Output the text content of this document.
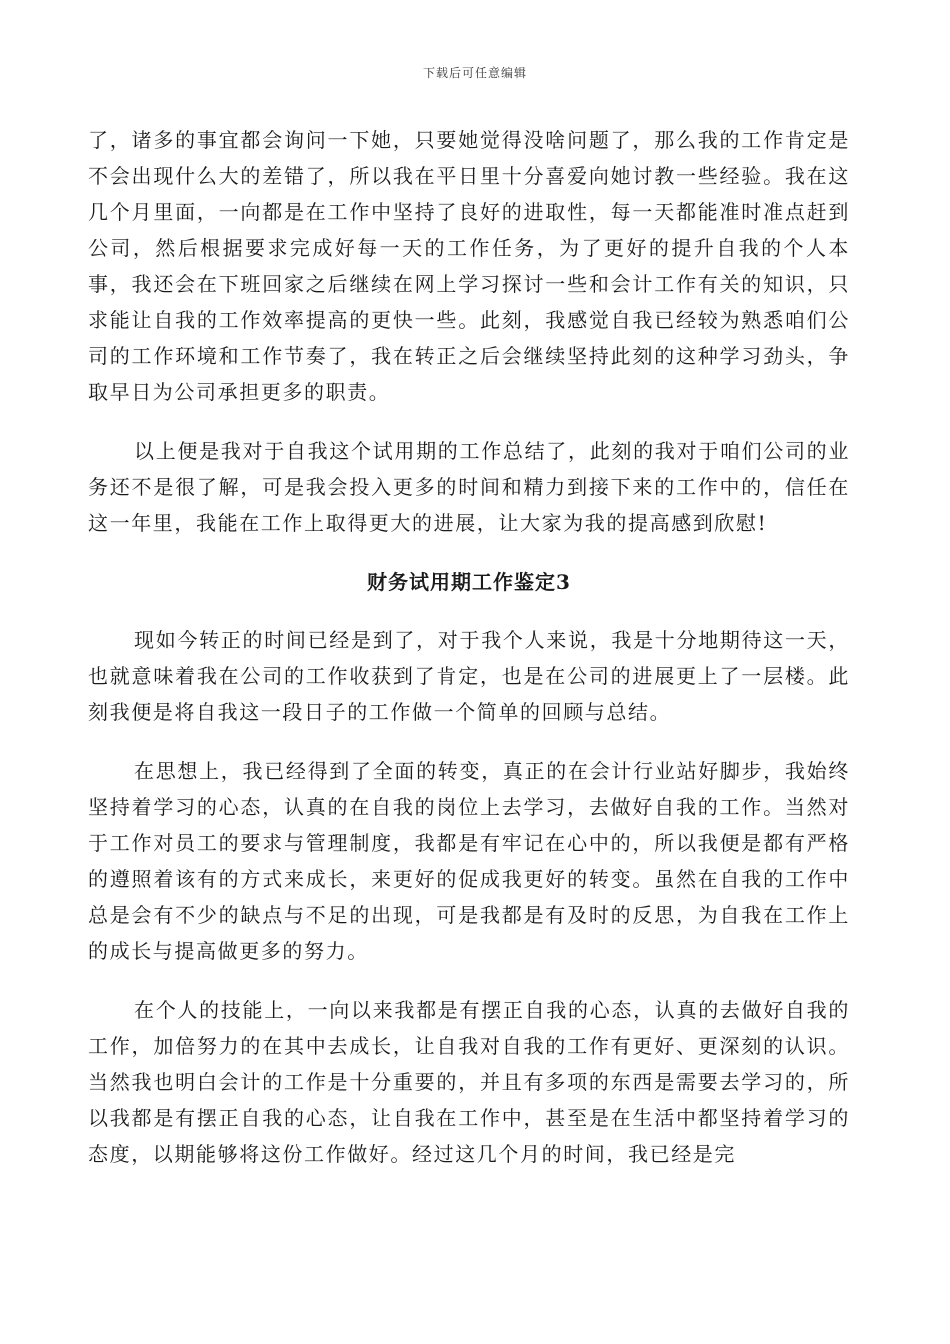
下载后可任意编辑

了，诸多的事宜都会询问一下她，只要她觉得没啥问题了，那么我的工作肯定是不会出现什么大的差错了，所以我在平日里十分喜爱向她讨教一些经验。我在这几个月里面，一向都是在工作中坚持了良好的进取性，每一天都能准时准点赶到公司，然后根据要求完成好每一天的工作任务，为了更好的提升自我的个人本事，我还会在下班回家之后继续在网上学习探讨一些和会计工作有关的知识，只求能让自我的工作效率提高的更快一些。此刻，我感觉自我已经较为熟悉咱们公司的工作环境和工作节奏了，我在转正之后会继续坚持此刻的这种学习劲头，争取早日为公司承担更多的职责。

以上便是我对于自我这个试用期的工作总结了，此刻的我对于咱们公司的业务还不是很了解，可是我会投入更多的时间和精力到接下来的工作中的，信任在这一年里，我能在工作上取得更大的进展，让大家为我的提高感到欣慰!

财务试用期工作鉴定3

现如今转正的时间已经是到了，对于我个人来说，我是十分地期待这一天，也就意味着我在公司的工作收获到了肯定，也是在公司的进展更上了一层楼。此刻我便是将自我这一段日子的工作做一个简单的回顾与总结。

在思想上，我已经得到了全面的转变，真正的在会计行业站好脚步，我始终坚持着学习的心态，认真的在自我的岗位上去学习，去做好自我的工作。当然对于工作对员工的要求与管理制度，我都是有牢记在心中的，所以我便是都有严格的遵照着该有的方式来成长，来更好的促成我更好的转变。虽然在自我的工作中总是会有不少的缺点与不足的出现，可是我都是有及时的反思，为自我在工作上的成长与提高做更多的努力。

在个人的技能上，一向以来我都是有摆正自我的心态，认真的去做好自我的工作，加倍努力的在其中去成长，让自我对自我的工作有更好、更深刻的认识。当然我也明白会计的工作是十分重要的，并且有多项的东西是需要去学习的，所以我都是有摆正自我的心态，让自我在工作中，甚至是在生活中都坚持着学习的态度，以期能够将这份工作做好。经过这几个月的时间，我已经是完
